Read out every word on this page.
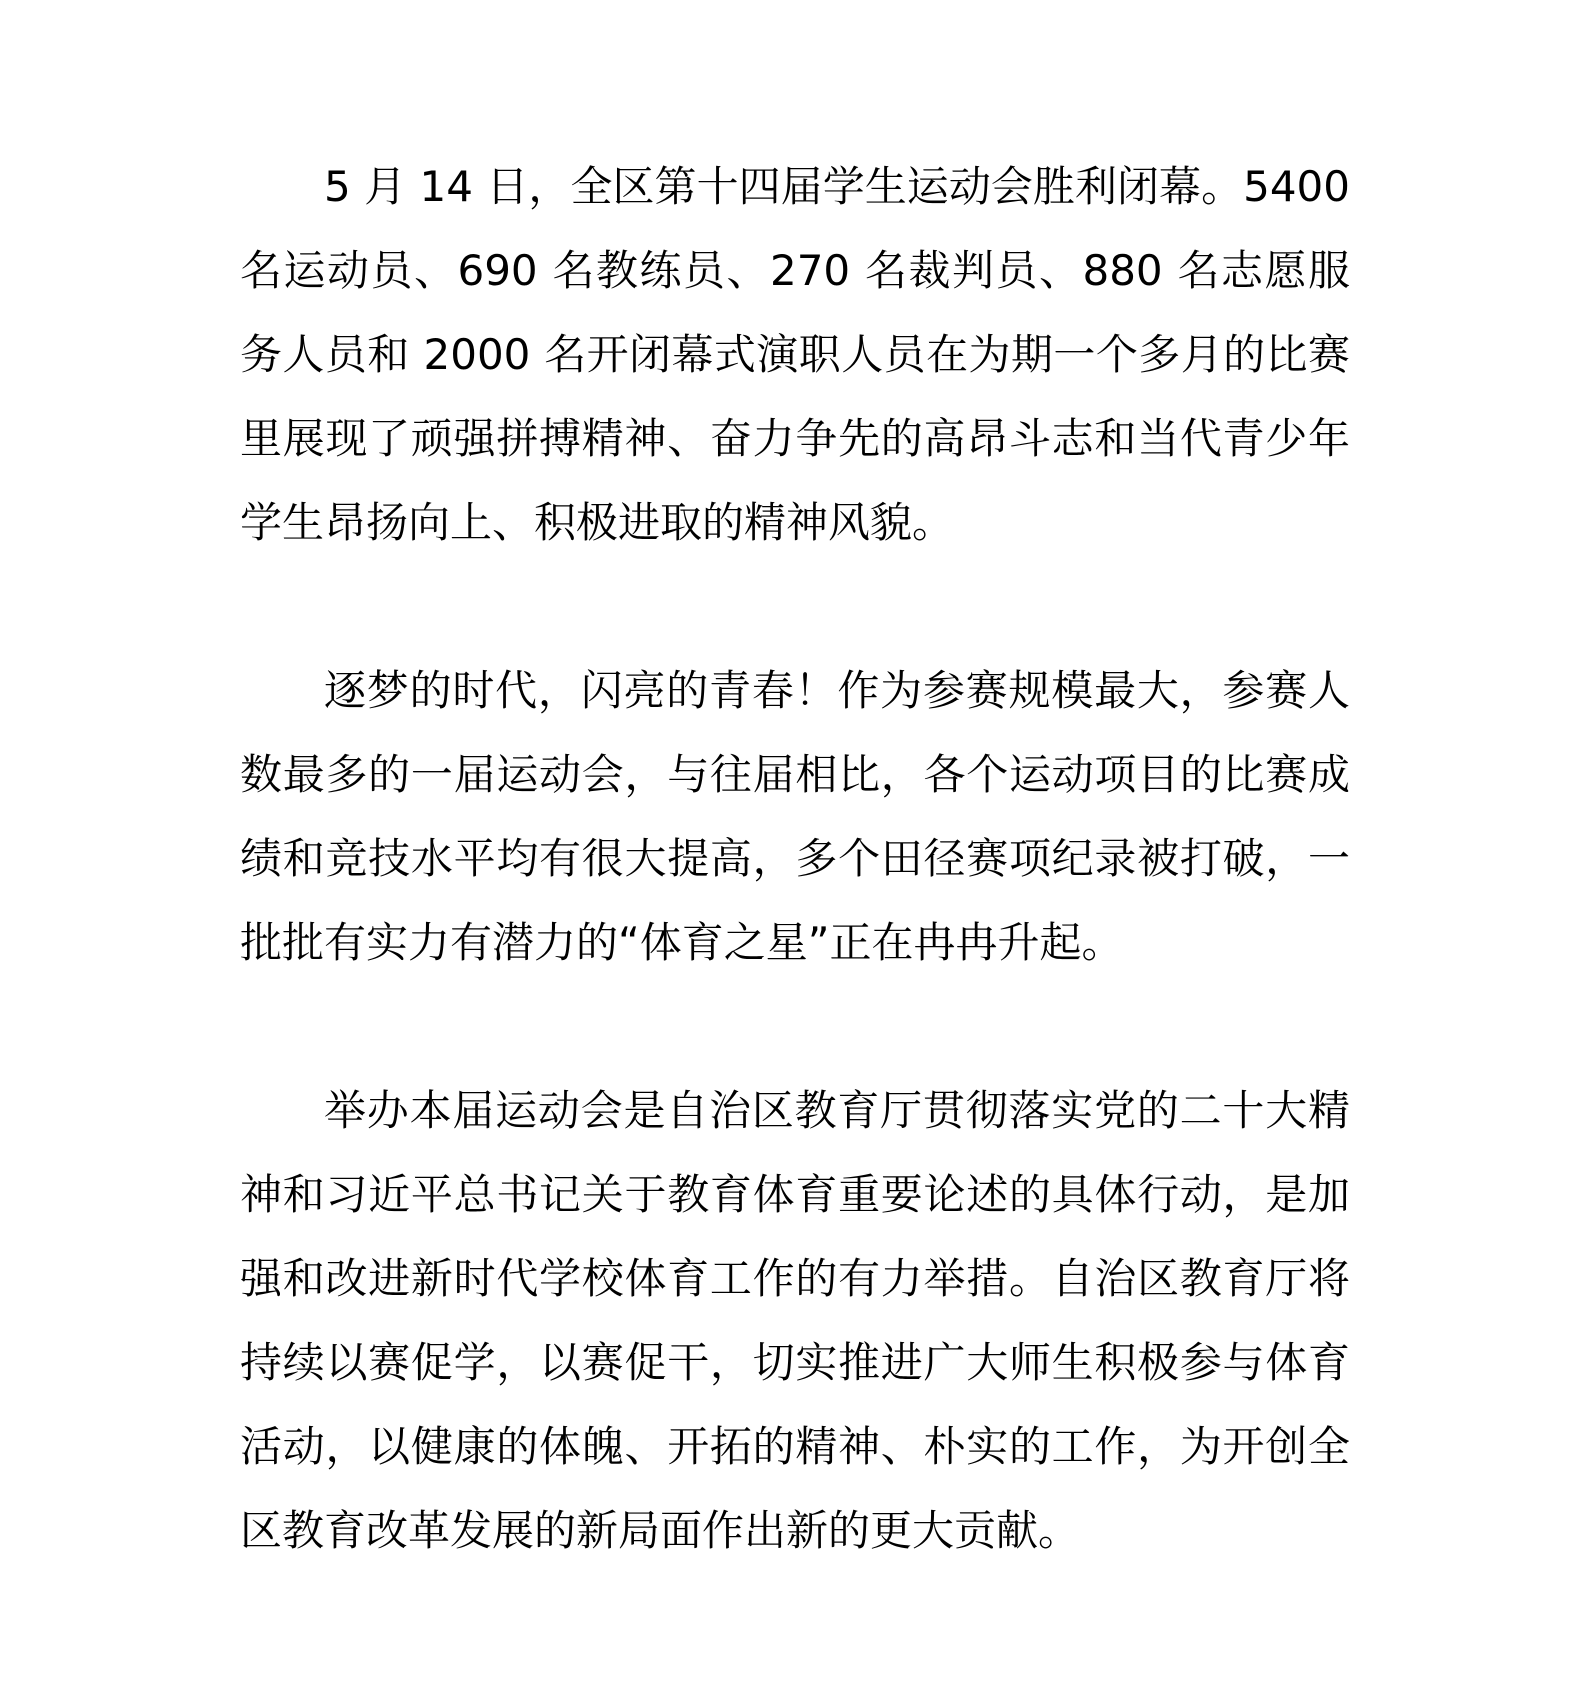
5 月 14 日，全区第十四届学生运动会胜利闭幕。5400 名运动员、690 名教练员、270 名裁判员、880 名志愿服务人员和 2000 名开闭幕式演职人员在为期一个多月的比赛里展现了顽强拼搏精神、奋力争先的高昂斗志和当代青少年学生昂扬向上、积极进取的精神风貌。

逐梦的时代，闪亮的青春！作为参赛规模最大，参赛人数最多的一届运动会，与往届相比，各个运动项目的比赛成绩和竞技水平均有很大提高，多个田径赛项纪录被打破，一批批有实力有潜力的“体育之星”正在冉冉升起。

举办本届运动会是自治区教育厅贯彻落实党的二十大精神和习近平总书记关于教育体育重要论述的具体行动，是加强和改进新时代学校体育工作的有力举措。自治区教育厅将持续以赛促学，以赛促干，切实推进广大师生积极参与体育活动，以健康的体魄、开拓的精神、朴实的工作，为开创全区教育改革发展的新局面作出新的更大贡献。
